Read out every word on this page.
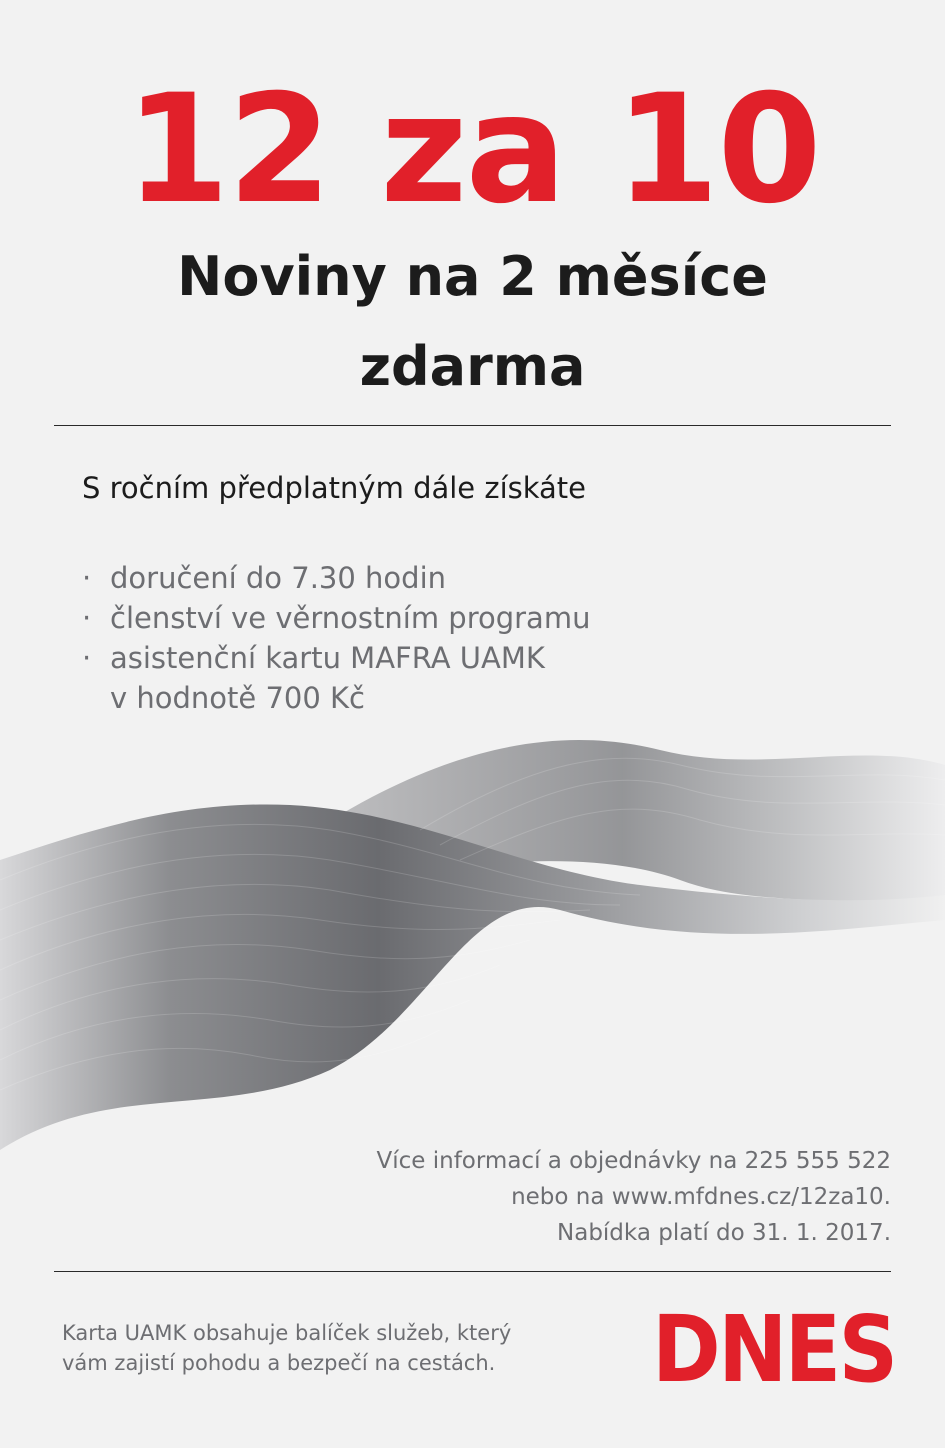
12 za 10
Noviny na 2 měsíce
zdarma
S ročním předplatným dále získáte
· doručení do 7.30 hodin
· členství ve věrnostním programu
· asistenční kartu MAFRA UAMK
v hodnotě 700 Kč
Více informací a objednávky na 225 555 522
nebo na www.mfdnes.cz/12za10.
Nabídka platí do 31. 1. 2017.
Karta UAMK obsahuje balíček služeb, který
vám zajistí pohodu a bezpečí na cestách. DNES
